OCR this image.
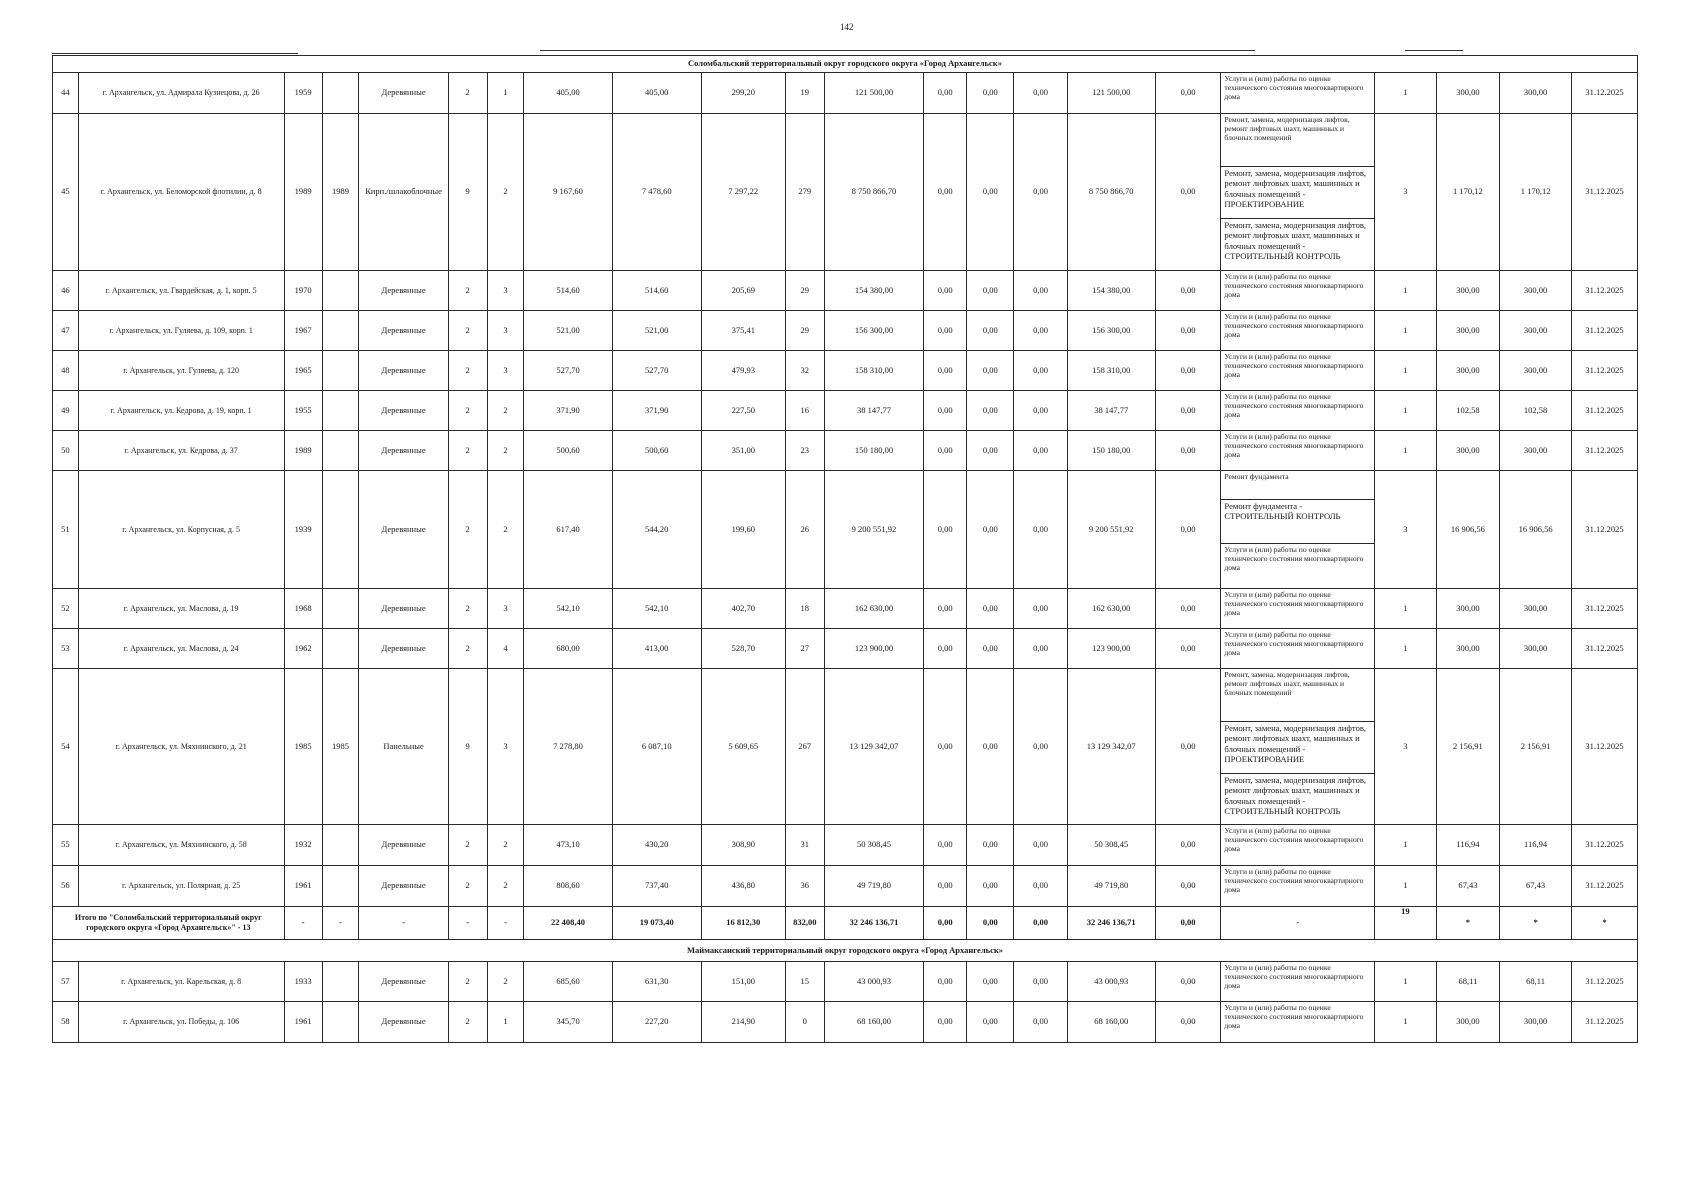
142
Соломбальский территориальный округ городского округа «Город Архангельск»																					
44	г. Архангельск, ул. Адмирала Кузнецова, д. 26	1959		Деревянные	2	1	405,00	405,00	299,20	19	121 500,00	0,00	0,00	0,00	121 500,00	0,00	Услуги и (или) работы по оценке технического состояния многоквартирного дома	1	300,00	300,00	31.12.2025
45	г. Архангельск, ул. Беломорской флотилии, д. 8	1989	1989	Кирп./шлакоблочные	9	2	9 167,60	7 478,60	7 297,22	279	8 750 866,70	0,00	0,00	0,00	8 750 866,70	0,00	Ремонт, замена, модернизация лифтов, ремонт лифтовых шахт, машинных и блочных помещений
Ремонт, замена, модернизация лифтов, ремонт лифтовых шахт, машинных и блочных помещений - ПРОЕКТИРОВАНИЕ
Ремонт, замена, модернизация лифтов, ремонт лифтовых шахт, машинных и блочных помещений - СТРОИТЕЛЬНЫЙ КОНТРОЛЬ	3	1 170,12	1 170,12	31.12.2025
46	г. Архангельск, ул. Гвардейская, д. 1, корп. 5	1970		Деревянные	2	3	514,60	514,60	205,69	29	154 380,00	0,00	0,00	0,00	154 380,00	0,00	Услуги и (или) работы по оценке технического состояния многоквартирного дома	1	300,00	300,00	31.12.2025
47	г. Архангельск, ул. Гуляева, д. 109, корп. 1	1967		Деревянные	2	3	521,00	521,00	375,41	29	156 300,00	0,00	0,00	0,00	156 300,00	0,00	Услуги и (или) работы по оценке технического состояния многоквартирного дома	1	300,00	300,00	31.12.2025
48	г. Архангельск, ул. Гуляева, д. 120	1965		Деревянные	2	3	527,70	527,70	479,93	32	158 310,00	0,00	0,00	0,00	158 310,00	0,00	Услуги и (или) работы по оценке технического состояния многоквартирного дома	1	300,00	300,00	31.12.2025
49	г. Архангельск, ул. Кедрова, д. 19, корп. 1	1955		Деревянные	2	2	371,90	371,90	227,50	16	38 147,77	0,00	0,00	0,00	38 147,77	0,00	Услуги и (или) работы по оценке технического состояния многоквартирного дома	1	102,58	102,58	31.12.2025
50	г. Архангельск, ул. Кедрова, д. 37	1989		Деревянные	2	2	500,60	500,60	351,00	23	150 180,00	0,00	0,00	0,00	150 180,00	0,00	Услуги и (или) работы по оценке технического состояния многоквартирного дома	1	300,00	300,00	31.12.2025
51	г. Архангельск, ул. Корпусная, д. 5	1939		Деревянные	2	2	617,40	544,20	199,60	26	9 200 551,92	0,00	0,00	0,00	9 200 551,92	0,00	Ремонт фундамента
Ремонт фундамента - СТРОИТЕЛЬНЫЙ КОНТРОЛЬ
Услуги и (или) работы по оценке технического состояния многоквартирного дома	3	16 906,56	16 906,56	31.12.2025
52	г. Архангельск, ул. Маслова, д. 19	1968		Деревянные	2	3	542,10	542,10	402,70	18	162 630,00	0,00	0,00	0,00	162 630,00	0,00	Услуги и (или) работы по оценке технического состояния многоквартирного дома	1	300,00	300,00	31.12.2025
53	г. Архангельск, ул. Маслова, д. 24	1962		Деревянные	2	4	680,00	413,00	528,70	27	123 900,00	0,00	0,00	0,00	123 900,00	0,00	Услуги и (или) работы по оценке технического состояния многоквартирного дома	1	300,00	300,00	31.12.2025
54	г. Архангельск, ул. Мяхнинского, д. 21	1985	1985	Панельные	9	3	7 278,80	6 087,10	5 609,65	267	13 129 342,07	0,00	0,00	0,00	13 129 342,07	0,00	Ремонт, замена, модернизация лифтов, ремонт лифтовых шахт, машинных и блочных помещений
Ремонт, замена, модернизация лифтов, ремонт лифтовых шахт, машинных и блочных помещений - ПРОЕКТИРОВАНИЕ
Ремонт, замена, модернизация лифтов, ремонт лифтовых шахт, машинных и блочных помещений - СТРОИТЕЛЬНЫЙ КОНТРОЛЬ	3	2 156,91	2 156,91	31.12.2025
55	г. Архангельск, ул. Мяхнинского, д. 58	1932		Деревянные	2	2	473,10	430,20	308,90	31	50 308,45	0,00	0,00	0,00	50 308,45	0,00	Услуги и (или) работы по оценке технического состояния многоквартирного дома	1	116,94	116,94	31.12.2025
56	г. Архангельск, ул. Полярная, д. 25	1961		Деревянные	2	2	808,60	737,40	436,80	36	49 719,80	0,00	0,00	0,00	49 719,80	0,00	Услуги и (или) работы по оценке технического состояния многоквартирного дома	1	67,43	67,43	31.12.2025
Итого по "Соломбальский территориальный округ городского округа «Город Архангельск»" - 13		-	-	-	-	-	22 408,40	19 073,40	16 812,30	832,00	32 246 136,71	0,00	0,00	0,00	32 246 136,71	0,00	-	19	*	*	*
Маймаксанский территориальный округ городского округа «Город Архангельск»																					
57	г. Архангельск, ул. Карельская, д. 8	1933		Деревянные	2	2	685,60	631,30	151,00	15	43 000,93	0,00	0,00	0,00	43 000,93	0,00	Услуги и (или) работы по оценке технического состояния многоквартирного дома	1	68,11	68,11	31.12.2025
58	г. Архангельск, ул. Победы, д. 106	1961		Деревянные	2	1	345,70	227,20	214,90	0	68 160,00	0,00	0,00	0,00	68 160,00	0,00	Услуги и (или) работы по оценке технического состояния многоквартирного дома	1	300,00	300,00	31.12.2025
